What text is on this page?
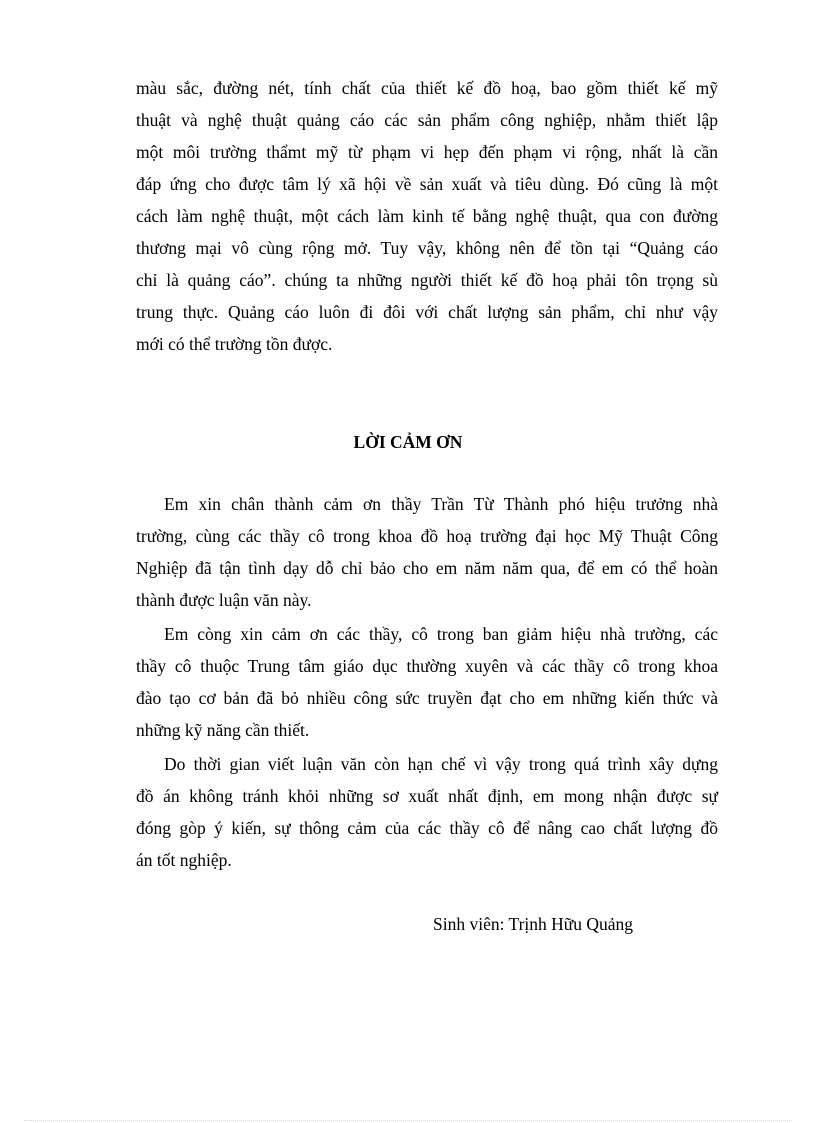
màu sắc, đường nét, tính chất của thiết kế đồ hoạ, bao gồm thiết kế mỹ
thuật và nghệ thuật quảng cáo các sản phẩm công nghiệp, nhằm thiết lập
một môi trường thẩmt mỹ từ phạm vi hẹp đến phạm vi rộng, nhất là cần
đáp ứng cho được tâm lý xã hội về sản xuất và tiêu dùng. Đó cũng là một
cách làm nghệ thuật, một cách làm kinh tế bằng nghệ thuật, qua con đường
thương mại vô cùng rộng mở. Tuy vậy, không nên để tồn tại “Quảng cáo
chỉ là quảng cáo”. chúng ta những người thiết kế đồ hoạ phải tôn trọng sù
trung thực. Quảng cáo luôn đi đôi với chất lượng sản phẩm, chỉ như vậy
mới có thể trường tồn được.
LỜI CẢM ƠN
Em xin chân thành cảm ơn thầy Trần Từ Thành phó hiệu trưởng nhà
trường, cùng các thầy cô trong khoa đồ hoạ trường đại học Mỹ Thuật Công
Nghiệp đã tận tình dạy dỗ chỉ bảo cho em năm năm qua, để em có thể hoàn
thành được luận văn này.
Em còng xin cảm ơn các thầy, cô trong ban giảm hiệu nhà trường, các
thầy cô thuộc Trung tâm giáo dục thường xuyên và các thầy cô trong khoa
đào tạo cơ bản đã bỏ nhiều công sức truyền đạt cho em những kiến thức và
những kỹ năng cần thiết.
Do thời gian viết luận văn còn hạn chế vì vậy trong quá trình xây dựng
đồ án không tránh khỏi những sơ xuất nhất định, em mong nhận được sự
đóng gòp ý kiến, sự thông cảm của các thầy cô để nâng cao chất lượng đồ
án tốt nghiệp.
Sinh viên: Trịnh Hữu Quảng
